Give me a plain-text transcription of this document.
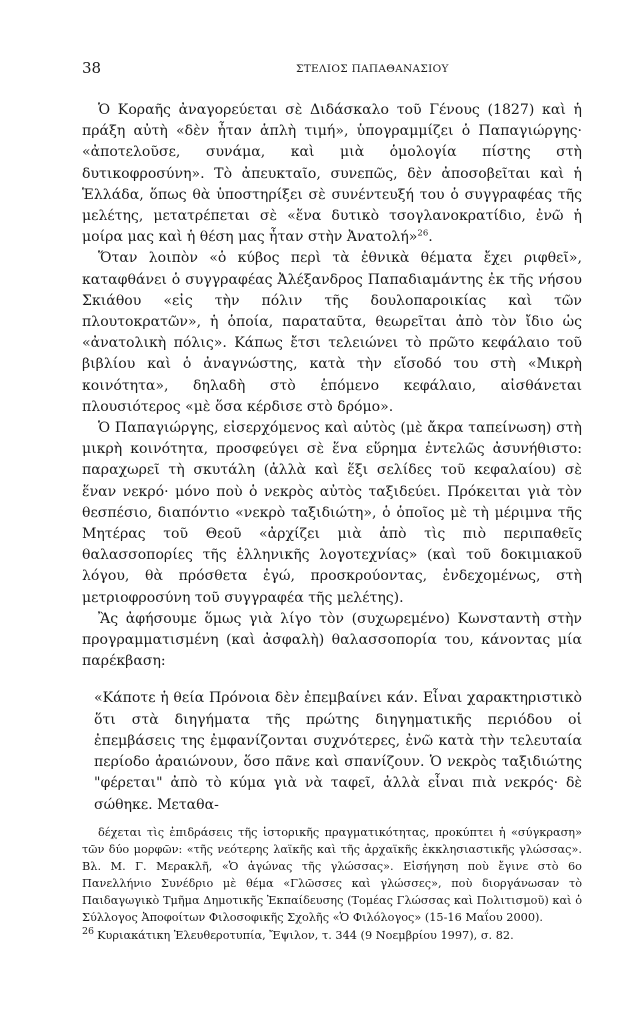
38	ΣΤΕΛΙΟΣ ΠΑΠΑΘΑΝΑΣΙΟΥ

Ὁ Κοραῆς ἀναγορεύεται σὲ Διδάσκαλο τοῦ Γένους (1827) καὶ ἡ πράξη αὐτὴ «δὲν ἦταν ἁπλὴ τιμή», ὑπογραμμίζει ὁ Παπαγιώργης· «ἀποτελοῦσε, συνάμα, καὶ μιὰ ὁμολογία πίστης στὴ δυτικοφροσύνη». Τὸ ἀπευκταῖο, συνεπῶς, δὲν ἀποσοβεῖται καὶ ἡ Ἑλλάδα, ὅπως θὰ ὑποστηρίξει σὲ συνέντευξή του ὁ συγγραφέας τῆς μελέτης, μετατρέπεται σὲ «ἕνα δυτικὸ τσογλανοκρατίδιο, ἐνῶ ἡ μοίρα μας καὶ ἡ θέση μας ἦταν στὴν Ἀνατολή»$^{26}$.

Ὅταν λοιπὸν «ὁ κύβος περὶ τὰ ἐθνικὰ θέματα ἔχει ριφθεῖ», καταφθάνει ὁ συγγραφέας Ἀλέξανδρος Παπαδιαμάντης ἐκ τῆς νήσου Σκιάθου «εἰς τὴν πόλιν τῆς δουλοπαροικίας καὶ τῶν πλουτοκρατῶν», ἡ ὁποία, παραταῦτα, θεωρεῖται ἀπὸ τὸν ἴδιο ὡς «ἀνατολικὴ πόλις». Κάπως ἔτσι τελειώνει τὸ πρῶτο κεφάλαιο τοῦ βιβλίου καὶ ὁ ἀναγνώστης, κατὰ τὴν εἴσοδό του στὴ «Μικρὴ κοινότητα», δηλαδὴ στὸ ἑπόμενο κεφάλαιο, αἰσθάνεται πλουσιότερος «μὲ ὅσα κέρδισε στὸ δρόμο».

Ὁ Παπαγιώργης, εἰσερχόμενος καὶ αὐτὸς (μὲ ἄκρα ταπείνωση) στὴ μικρὴ κοινότητα, προσφεύγει σὲ ἕνα εὕρημα ἐντελῶς ἀσυνήθιστο: παραχωρεῖ τὴ σκυτάλη (ἀλλὰ καὶ ἕξι σελίδες τοῦ κεφαλαίου) σὲ ἕναν νεκρό· μόνο ποὺ ὁ νεκρὸς αὐτὸς ταξιδεύει. Πρόκειται γιὰ τὸν θεσπέσιο, διαπόντιο «νεκρὸ ταξιδιώτη», ὁ ὁποῖος μὲ τὴ μέριμνα τῆς Μητέρας τοῦ Θεοῦ «ἀρχίζει μιὰ ἀπὸ τὶς πιὸ περιπαθεῖς θαλασσοπορίες τῆς ἑλληνικῆς λογοτεχνίας» (καὶ τοῦ δοκιμιακοῦ λόγου, θὰ πρόσθετα ἐγώ, προσκρούοντας, ἐνδεχομένως, στὴ μετριοφροσύνη τοῦ συγγραφέα τῆς μελέτης).

Ἂς ἀφήσουμε ὅμως γιὰ λίγο τὸν (συχωρεμένο) Κωνσταντὴ στὴν προγραμματισμένη (καὶ ἀσφαλὴ) θαλασσοπορία του, κάνοντας μία παρέκβαση:

«Κάποτε ἡ θεία Πρόνοια δὲν ἐπεμβαίνει κάν. Εἶναι χαρακτηριστικὸ ὅτι στὰ διηγήματα τῆς πρώτης διηγηματικῆς περιόδου οἱ ἐπεμβάσεις της ἐμφανίζονται συχνότερες, ἐνῶ κατὰ τὴν τελευταία περίοδο ἀραιώνουν, ὅσο πᾶνε καὶ σπανίζουν. Ὁ νεκρὸς ταξιδιώτης "φέρεται" ἀπὸ τὸ κύμα γιὰ νὰ ταφεῖ, ἀλλὰ εἶναι πιὰ νεκρός· δὲ σώθηκε. Μεταθα-

δέχεται τὶς ἐπιδράσεις τῆς ἱστορικῆς πραγματικότητας, προκύπτει ἡ «σύγκραση» τῶν δύο μορφῶν: «τῆς νεότερης λαϊκῆς καὶ τῆς ἀρχαϊκῆς ἐκκλησιαστικῆς γλώσσας». Βλ. Μ. Γ. Μερακλῆ, «Ὁ ἀγώνας τῆς γλώσσας». Εἰσήγηση ποὺ ἔγινε στὸ 6ο Πανελλήνιο Συνέδριο μὲ θέμα «Γλῶσσες καὶ γλώσσες», ποὺ διοργάνωσαν τὸ Παιδαγωγικὸ Τμῆμα Δημοτικῆς Ἐκπαίδευσης (Τομέας Γλώσσας καὶ Πολιτισμοῦ) καὶ ὁ Σύλλογος Ἀποφοίτων Φιλοσοφικῆς Σχολῆς «Ὁ Φιλόλογος» (15-16 Μαΐου 2000).

$^{26}$ Κυριακάτικη Ἐλευθεροτυπία, Ἔψιλον, τ. 344 (9 Νοεμβρίου 1997), σ. 82.
